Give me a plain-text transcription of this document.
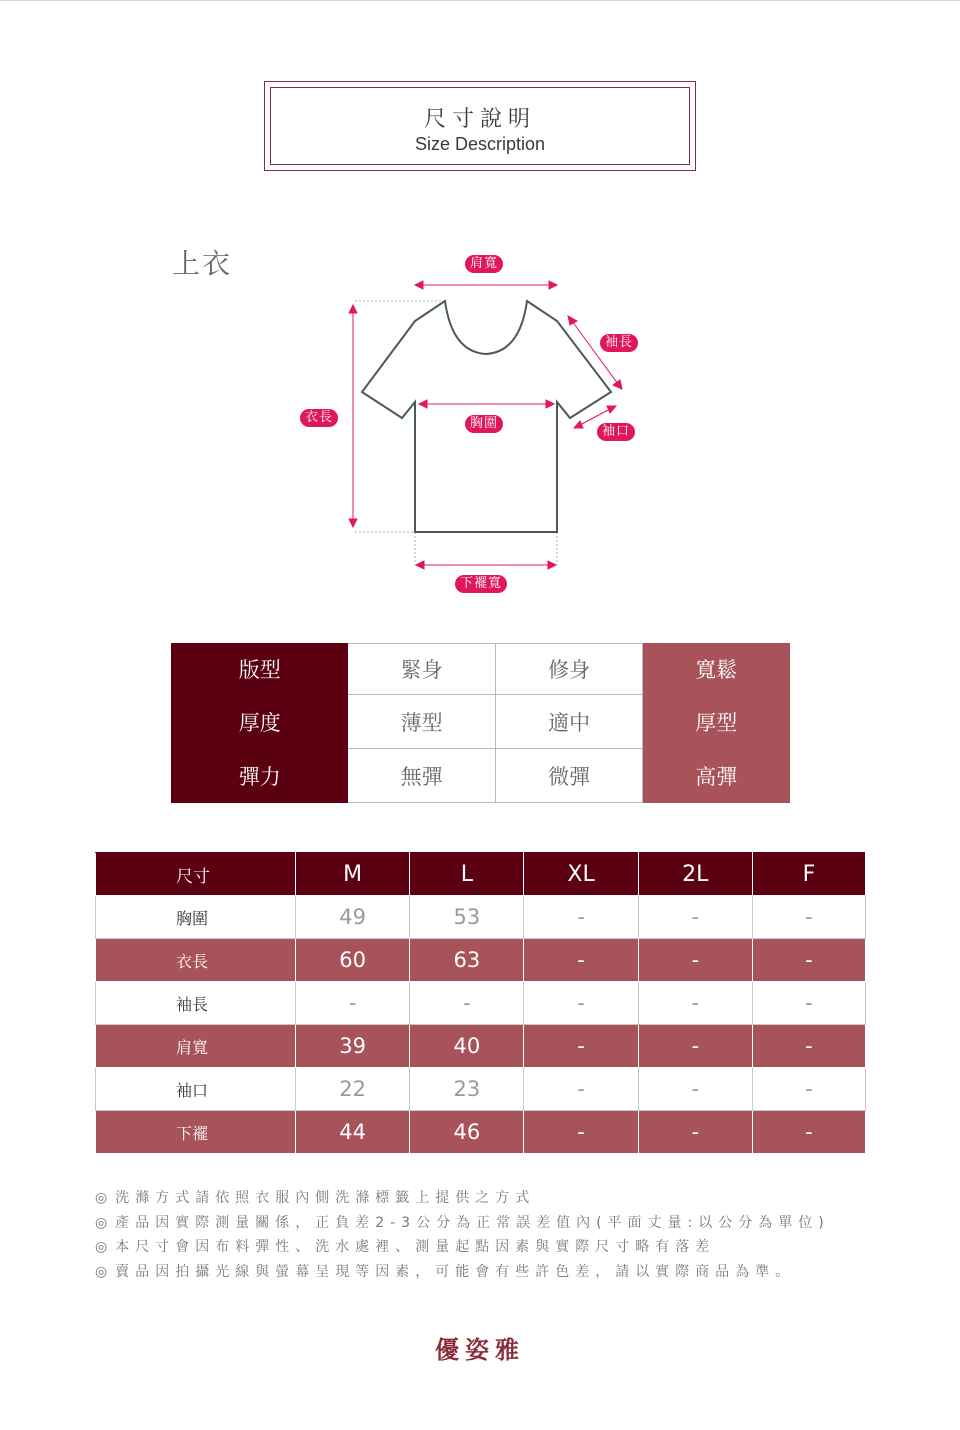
尺寸說明
Size Description
上衣	肩寬
袖長
衣長	胸圍
袖口
下襬寬
版型	緊身	修身	寬鬆
厚度	薄型	適中	厚型
彈力	無彈	微彈	高彈
尺寸	M	L	XL	2L	F
胸圍	49	53	-	-	-
衣長	60	63	-	-	-
袖長	-	-	-	-	-
肩寬	39	40	-	-	-
袖口	22	23	-	-	-
下襬	44	46	-	-	-
◎ 洗滌方式請依照衣服內側洗滌標籤上提供之方式
◎ 產品因實際測量關係，正負差2-3公分為正常誤差值內(平面丈量:以公分為單位)
◎ 本尺寸會因布料彈性、洗水處裡、測量起點因素與實際尺寸略有落差
◎ 賣品因拍攝光線與螢幕呈現等因素，可能會有些許色差，請以實際商品為準。
優姿雅
